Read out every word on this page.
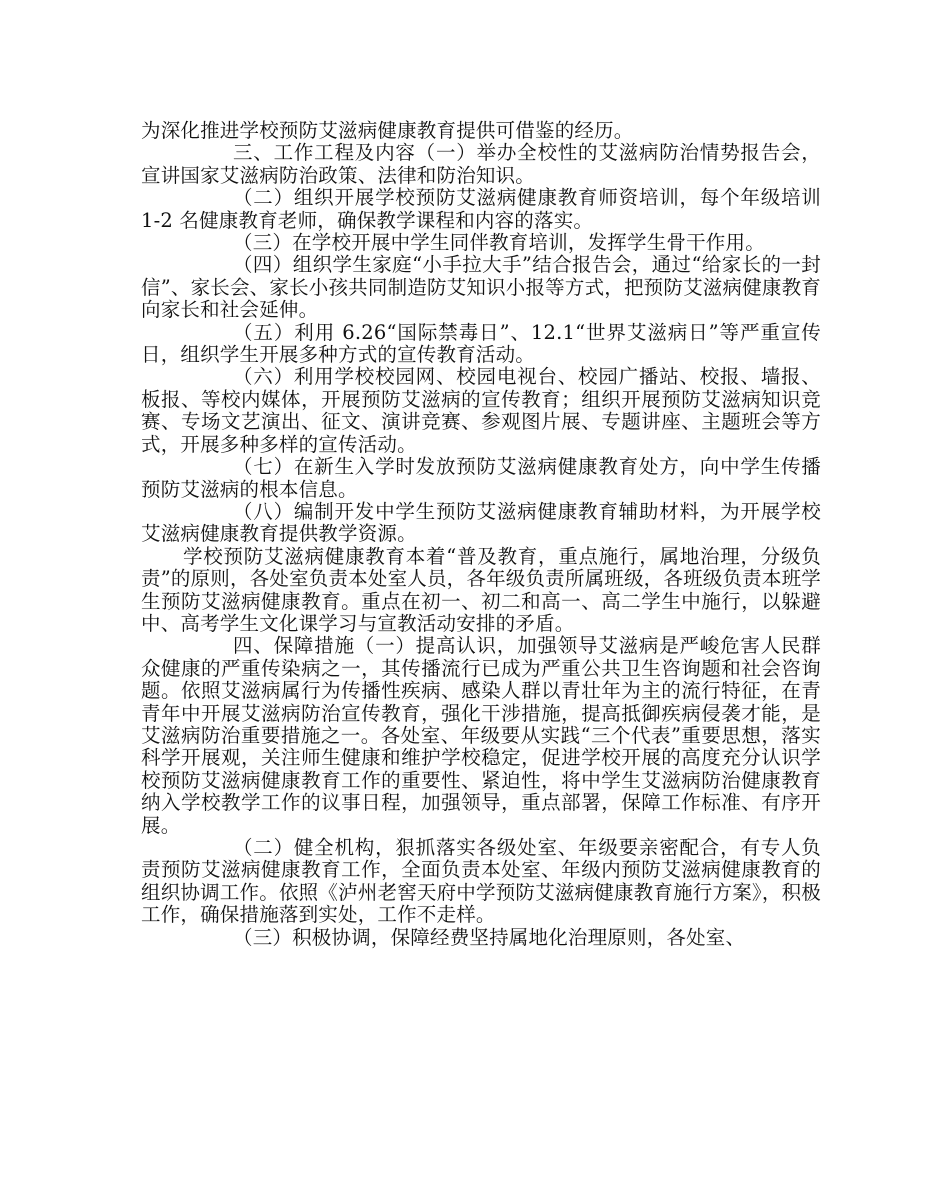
为深化推进学校预防艾滋病健康教育提供可借鉴的经历。

三、工作工程及内容（一）举办全校性的艾滋病防治情势报告会，宣讲国家艾滋病防治政策、法律和防治知识。

（二）组织开展学校预防艾滋病健康教育师资培训，每个年级培训 1-2 名健康教育老师，确保教学课程和内容的落实。

（三）在学校开展中学生同伴教育培训，发挥学生骨干作用。

（四）组织学生家庭“小手拉大手”结合报告会，通过“给家长的一封信”、家长会、家长小孩共同制造防艾知识小报等方式，把预防艾滋病健康教育向家长和社会延伸。

（五）利用 6.26“国际禁毒日”、12.1“世界艾滋病日”等严重宣传日，组织学生开展多种方式的宣传教育活动。

（六）利用学校校园网、校园电视台、校园广播站、校报、墙报、板报、等校内媒体，开展预防艾滋病的宣传教育；组织开展预防艾滋病知识竞赛、专场文艺演出、征文、演讲竞赛、参观图片展、专题讲座、主题班会等方式，开展多种多样的宣传活动。

（七）在新生入学时发放预防艾滋病健康教育处方，向中学生传播预防艾滋病的根本信息。

（八）编制开发中学生预防艾滋病健康教育辅助材料，为开展学校艾滋病健康教育提供教学资源。

学校预防艾滋病健康教育本着“普及教育，重点施行，属地治理，分级负责”的原则，各处室负责本处室人员，各年级负责所属班级，各班级负责本班学生预防艾滋病健康教育。重点在初一、初二和高一、高二学生中施行，以躲避中、高考学生文化课学习与宣教活动安排的矛盾。

四、保障措施（一）提高认识，加强领导艾滋病是严峻危害人民群众健康的严重传染病之一，其传播流行已成为严重公共卫生咨询题和社会咨询题。依照艾滋病属行为传播性疾病、感染人群以青壮年为主的流行特征，在青青年中开展艾滋病防治宣传教育，强化干涉措施，提高抵御疾病侵袭才能，是艾滋病防治重要措施之一。各处室、年级要从实践“三个代表”重要思想，落实科学开展观，关注师生健康和维护学校稳定，促进学校开展的高度充分认识学校预防艾滋病健康教育工作的重要性、紧迫性，将中学生艾滋病防治健康教育纳入学校教学工作的议事日程，加强领导，重点部署，保障工作标准、有序开展。

（二）健全机构，狠抓落实各级处室、年级要亲密配合，有专人负责预防艾滋病健康教育工作，全面负责本处室、年级内预防艾滋病健康教育的组织协调工作。依照《泸州老窖天府中学预防艾滋病健康教育施行方案》，积极工作，确保措施落到实处，工作不走样。

（三）积极协调，保障经费坚持属地化治理原则，各处室、
